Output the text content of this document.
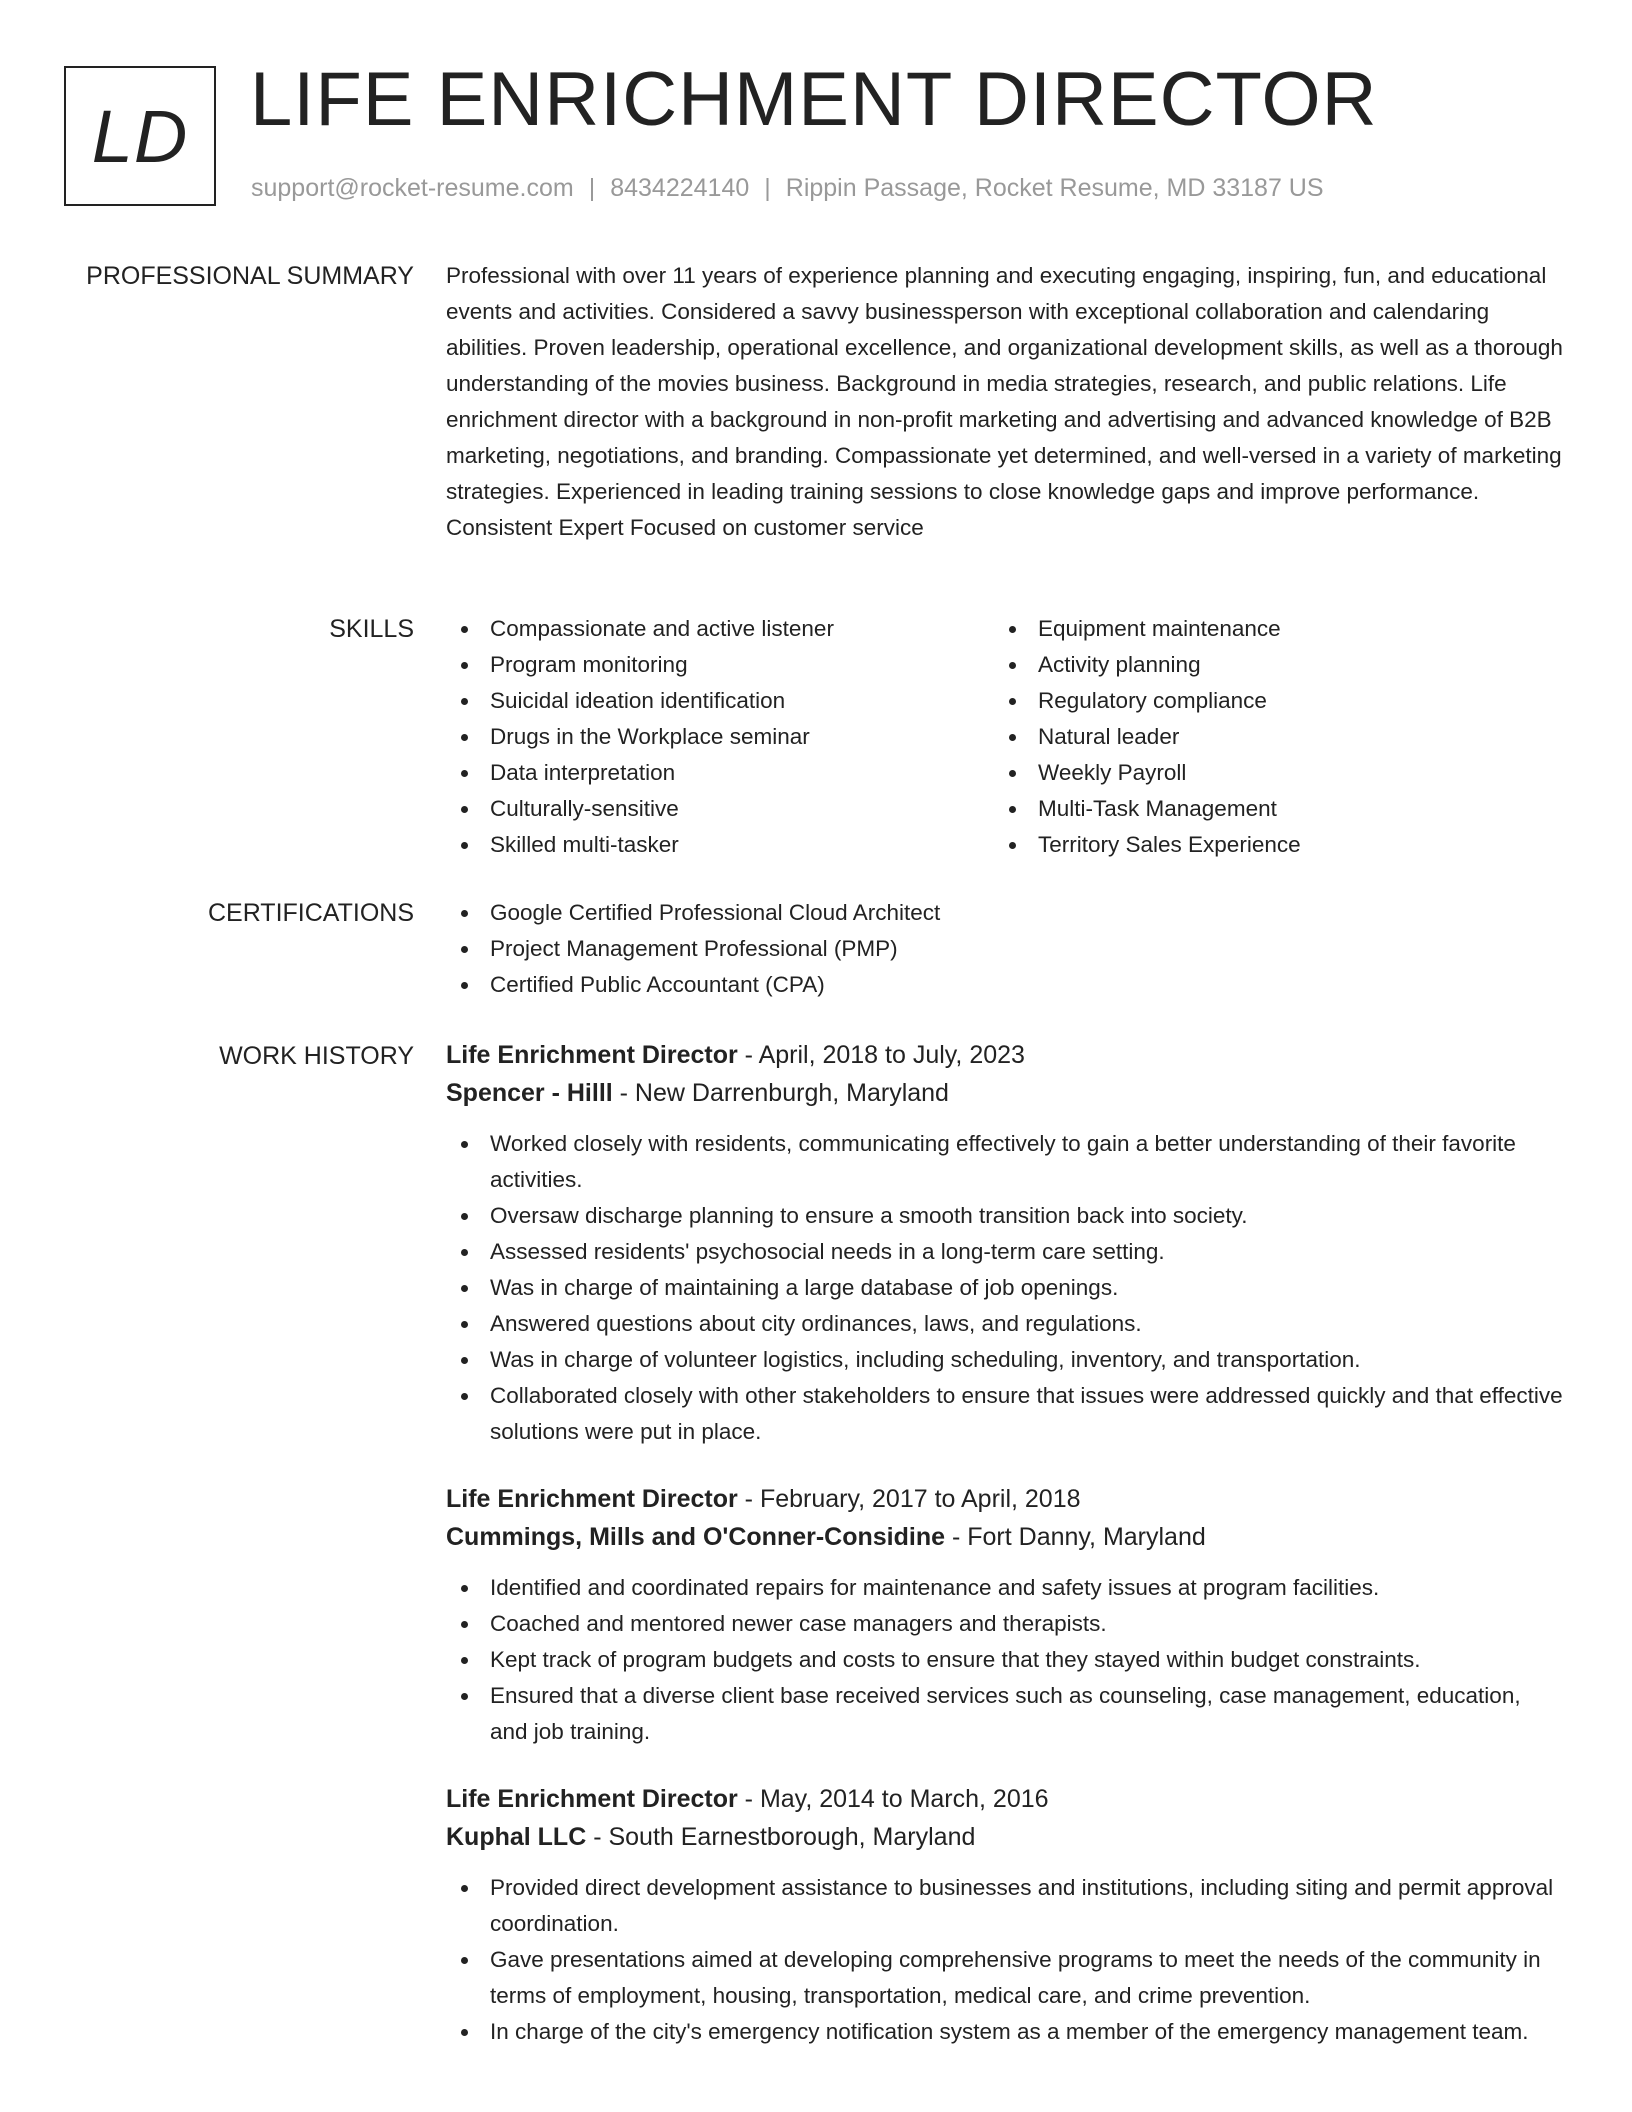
LD LIFE ENRICHMENT DIRECTOR
support@rocket-resume.com | 8434224140 | Rippin Passage, Rocket Resume, MD 33187 US
PROFESSIONAL SUMMARY Professional with over 11 years of experience planning and executing engaging, inspiring, fun, and educational events and activities. Considered a savvy businessperson with exceptional collaboration and calendaring abilities. Proven leadership, operational excellence, and organizational development skills, as well as a thorough understanding of the movies business. Background in media strategies, research, and public relations. Life enrichment director with a background in non-profit marketing and advertising and advanced knowledge of B2B marketing, negotiations, and branding. Compassionate yet determined, and well-versed in a variety of marketing strategies. Experienced in leading training sessions to close knowledge gaps and improve performance. Consistent Expert Focused on customer service

SKILLS	Compassionate and active listener
Program monitoring
Suicidal ideation identification
Drugs in the Workplace seminar
Data interpretation
Culturally-sensitive
Skilled multi-tasker
Equipment maintenance
Activity planning
Regulatory compliance
Natural leader
Weekly Payroll
Multi-Task Management
Territory Sales Experience
CERTIFICATIONS	Google Certified Professional Cloud Architect
Project Management Professional (PMP)
Certified Public Accountant (CPA)
WORK HISTORY Life Enrichment Director - April, 2018 to July, 2023
Spencer - Hilll - New Darrenburgh, Maryland
Worked closely with residents, communicating effectively to gain a better understanding of their favorite activities.
Oversaw discharge planning to ensure a smooth transition back into society.
Assessed residents' psychosocial needs in a long-term care setting.
Was in charge of maintaining a large database of job openings.
Answered questions about city ordinances, laws, and regulations.
Was in charge of volunteer logistics, including scheduling, inventory, and transportation.
Collaborated closely with other stakeholders to ensure that issues were addressed quickly and that effective solutions were put in place.
Life Enrichment Director - February, 2017 to April, 2018
Cummings, Mills and O'Conner-Considine - Fort Danny, Maryland
Identified and coordinated repairs for maintenance and safety issues at program facilities.
Coached and mentored newer case managers and therapists.
Kept track of program budgets and costs to ensure that they stayed within budget constraints.
Ensured that a diverse client base received services such as counseling, case management, education, and job training.
Life Enrichment Director - May, 2014 to March, 2016
Kuphal LLC - South Earnestborough, Maryland
Provided direct development assistance to businesses and institutions, including siting and permit approval coordination.
Gave presentations aimed at developing comprehensive programs to meet the needs of the community in terms of employment, housing, transportation, medical care, and crime prevention.
In charge of the city's emergency notification system as a member of the emergency management team.
